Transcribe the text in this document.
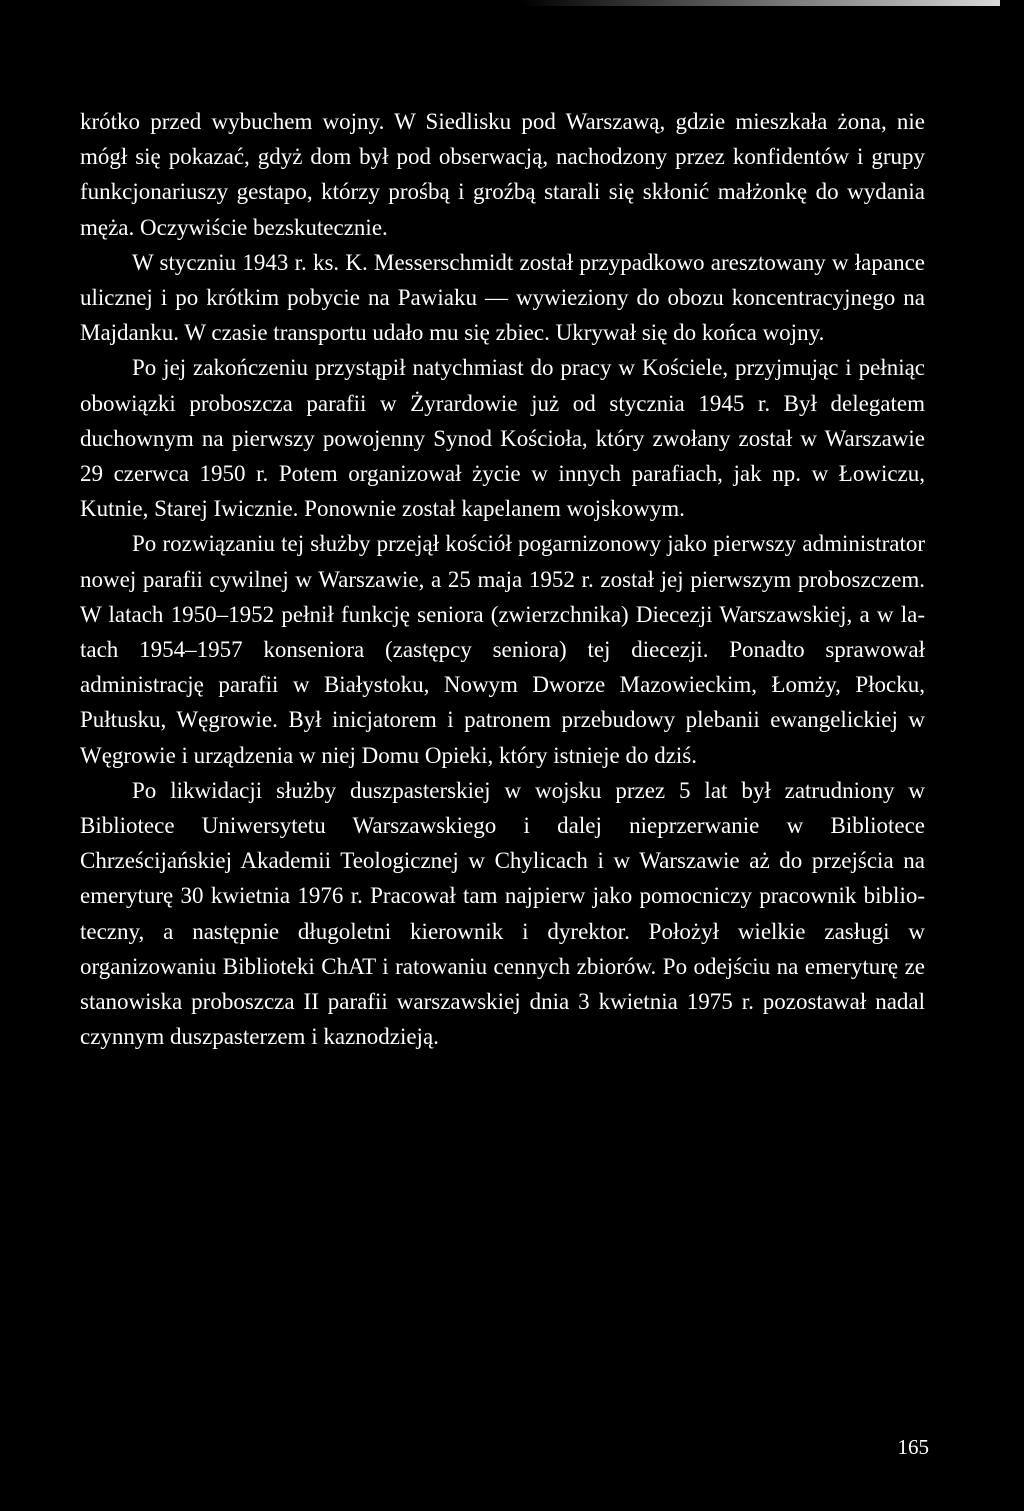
krótko przed wybuchem wojny. W Siedlisku pod Warszawą, gdzie mieszkała żona, nie mógł się pokazać, gdyż dom był pod obserwacją, nachodzony przez konfidentów i grupy funkcjonariuszy gestapo, którzy prośbą i groźbą starali się skłonić małżonkę do wydania męża. Oczywiście bezskutecznie.

W styczniu 1943 r. ks. K. Messerschmidt został przypadkowo aresztowany w łapance ulicznej i po krótkim pobycie na Pawiaku — wywieziony do obozu koncentracyjnego na Majdanku. W czasie transportu udało mu się zbiec. Ukrywał się do końca wojny.

Po jej zakończeniu przystąpił natychmiast do pracy w Kościele, przyjmując i pełniąc obowiązki proboszcza parafii w Żyrardowie już od stycznia 1945 r. Był delegatem duchownym na pierwszy powojenny Synod Kościoła, który zwołany został w Warszawie 29 czerwca 1950 r. Potem organizował życie w innych parafiach, jak np. w Łowiczu, Kutnie, Starej Iwicznie. Ponownie został kapelanem wojskowym.

Po rozwiązaniu tej służby przejął kościół pogarnizonowy jako pierwszy administrator nowej parafii cywilnej w Warszawie, a 25 maja 1952 r. został jej pierwszym proboszczem. W latach 1950–1952 pełnił funkcję seniora (zwierzchnika) Diecezji Warszawskiej, a w latach 1954–1957 konseniora (zastępcy seniora) tej diecezji. Ponadto sprawował administrację parafii w Białystoku, Nowym Dworze Mazowieckim, Łomży, Płocku, Pułtusku, Węgrowie. Był inicjatorem i patronem przebudowy plebanii ewangelickiej w Węgrowie i urządzenia w niej Domu Opieki, który istnieje do dziś.

Po likwidacji służby duszpasterskiej w wojsku przez 5 lat był zatrudniony w Bibliotece Uniwersytetu Warszawskiego i dalej nieprzerwanie w Bibliotece Chrześcijańskiej Akademii Teologicznej w Chylicach i w Warszawie aż do przejścia na emeryturę 30 kwietnia 1976 r. Pracował tam najpierw jako pomocniczy pracownik biblioteczny, a następnie długoletni kierownik i dyrektor. Położył wielkie zasługi w organizowaniu Biblioteki ChAT i ratowaniu cennych zbiorów. Po odejściu na emeryturę ze stanowiska proboszcza II parafii warszawskiej dnia 3 kwietnia 1975 r. pozostawał nadal czynnym duszpasterzem i kaznodzieją.

165
